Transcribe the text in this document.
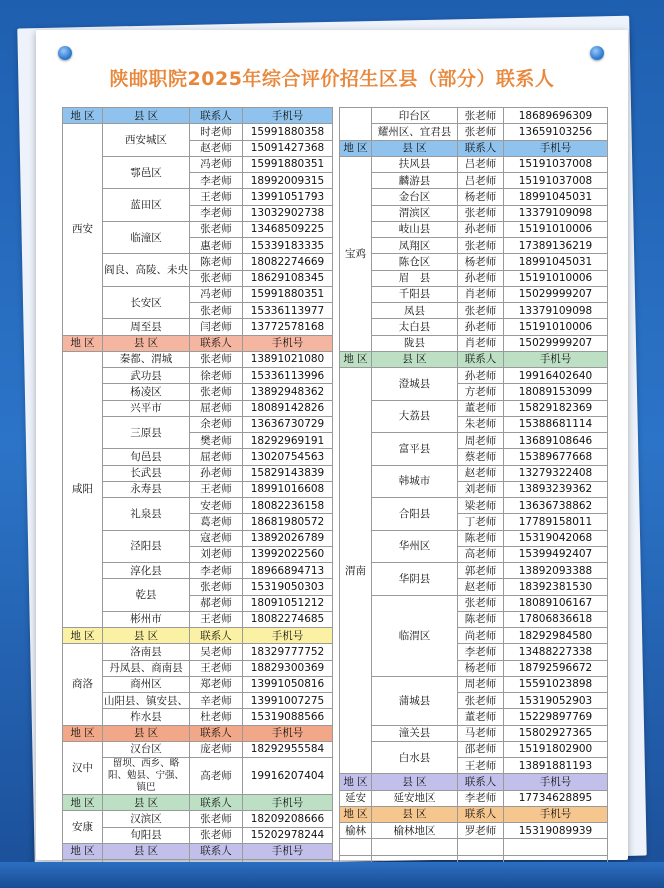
陕邮职院2025年综合评价招生区县（部分）联系人
地 区	县 区	联系人	手机号
西安	西安城区	时老师	15991880358
		赵老师	15091427368
	鄠邑区	冯老师	15991880351
		李老师	18992009315
	蓝田区	王老师	13991051793
		李老师	13032902738
	临潼区	张老师	13468509225
		惠老师	15339183335
	阎良、高陵、未央	陈老师	18082274669
		张老师	18629108345
	长安区	冯老师	15991880351
		张老师	15336113977
	周至县	闫老师	13772578168
地 区	县 区	联系人	手机号
咸阳	秦都、渭城	张老师	13891021080
	武功县	徐老师	15336113996
	杨凌区	张老师	13892948362
	兴平市	屈老师	18089142826
	三原县	余老师	13636730729
		樊老师	18292969191
	旬邑县	屈老师	13020754563
	长武县	孙老师	15829143839
	永寿县	王老师	18991016608
	礼泉县	安老师	18082236158
		葛老师	18681980572
	泾阳县	寇老师	13892026789
		刘老师	13992022560
	淳化县	李老师	18966894713
	乾县	张老师	15319050303
		郝老师	18091051212
	彬州市	王老师	18082274685
地 区	县 区	联系人	手机号
商洛	洛南县	吴老师	18329777752
	丹凤县、商南县	王老师	18829300369
	商州区	郑老师	13991050816
	山阳县、镇安县、	辛老师	13991007275
	柞水县	杜老师	15319088566
地 区	县 区	联系人	手机号
汉中	汉台区	庞老师	18292955584
	留坝、西乡、略阳、勉县、宁强、镇巴	高老师	19916207404
地 区	县 区	联系人	手机号
安康	汉滨区	张老师	18209208666
	旬阳县	张老师	15202978244
地 区	县 区	联系人	手机号

	印台区	张老师	18689696309
	耀州区、宜君县	张老师	13659103256
地 区	县 区	联系人	手机号
宝鸡	扶风县	吕老师	15191037008
	麟游县	吕老师	15191037008
	金台区	杨老师	18991045031
	渭滨区	张老师	13379109098
	岐山县	孙老师	15191010006
	凤翔区	张老师	17389136219
	陈仓区	杨老师	18991045031
	眉　县	孙老师	15191010006
	千阳县	肖老师	15029999207
	凤县	张老师	13379109098
	太白县	孙老师	15191010006
	陇县	肖老师	15029999207
地 区	县 区	联系人	手机号
渭南	澄城县	孙老师	19916402640
		方老师	18089153099
	大荔县	董老师	15829182369
		朱老师	15388681114
	富平县	周老师	13689108646
		蔡老师	15389677668
	韩城市	赵老师	13279322408
		刘老师	13893239362
	合阳县	梁老师	13636738862
		丁老师	17789158011
	华州区	陈老师	15319042068
		高老师	15399492407
	华阴县	郭老师	13892093388
		赵老师	18392381530
	临渭区	张老师	18089106167
		陈老师	17806836618
		尚老师	18292984580
		李老师	13488227338
		杨老师	18792596672
	蒲城县	周老师	15591023898
		张老师	15319052903
		董老师	15229897769
	潼关县	马老师	15802927365
	白水县	邵老师	15191802900
		王老师	13891881193
地 区	县 区	联系人	手机号
延安	延安地区	李老师	17734628895
地 区	县 区	联系人	手机号
榆林	榆林地区	罗老师	15319089939
